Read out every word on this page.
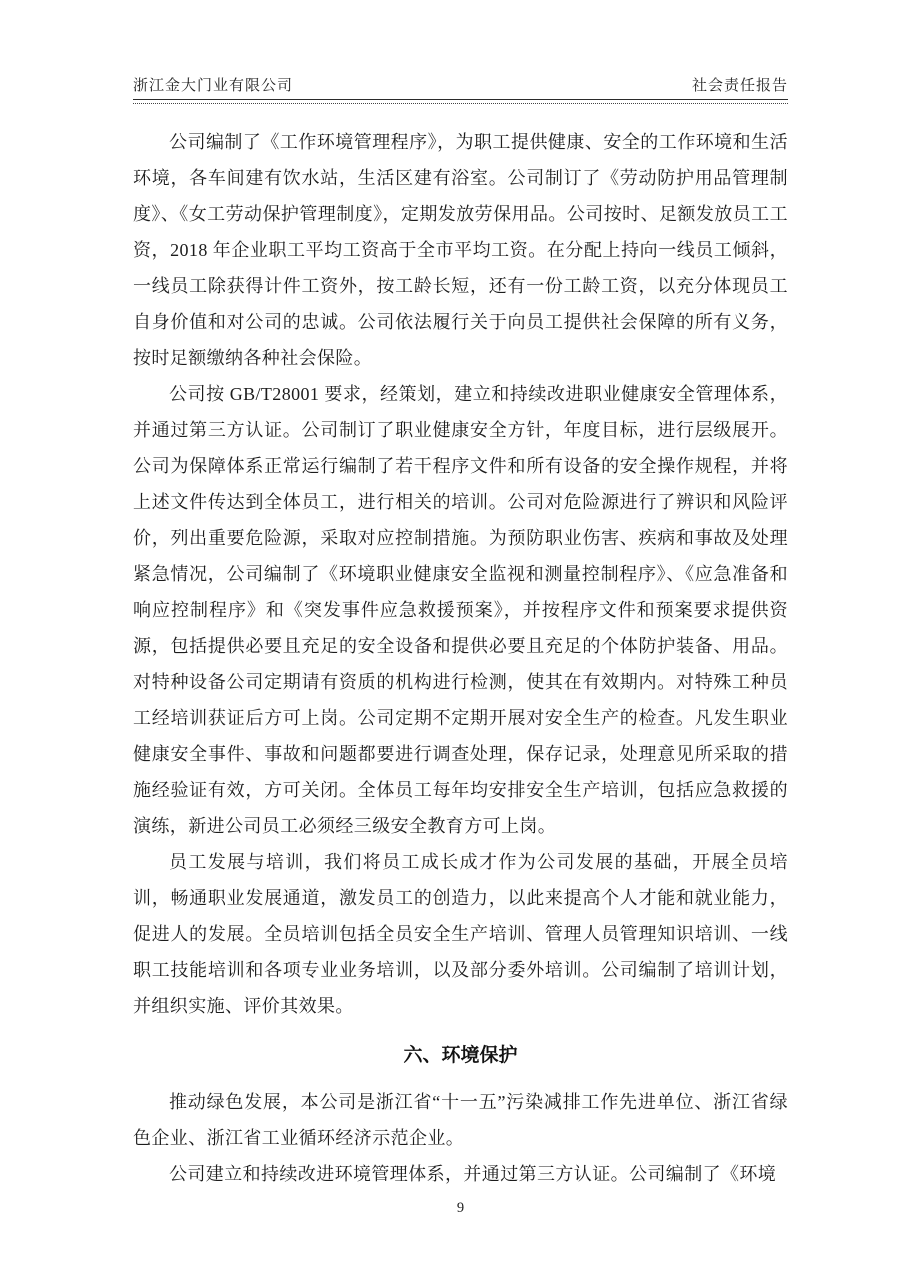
浙江金大门业有限公司	社会责任报告

公司编制了《工作环境管理程序》，为职工提供健康、安全的工作环境和生活环境，各车间建有饮水站，生活区建有浴室。公司制订了《劳动防护用品管理制度》、《女工劳动保护管理制度》，定期发放劳保用品。公司按时、足额发放员工工资，2018 年企业职工平均工资高于全市平均工资。在分配上持向一线员工倾斜，一线员工除获得计件工资外，按工龄长短，还有一份工龄工资，以充分体现员工自身价值和对公司的忠诚。公司依法履行关于向员工提供社会保障的所有义务，按时足额缴纳各种社会保险。

公司按 GB/T28001 要求，经策划，建立和持续改进职业健康安全管理体系，并通过第三方认证。公司制订了职业健康安全方针，年度目标，进行层级展开。公司为保障体系正常运行编制了若干程序文件和所有设备的安全操作规程，并将上述文件传达到全体员工，进行相关的培训。公司对危险源进行了辨识和风险评价，列出重要危险源，采取对应控制措施。为预防职业伤害、疾病和事故及处理紧急情况，公司编制了《环境职业健康安全监视和测量控制程序》、《应急准备和响应控制程序》和《突发事件应急救援预案》，并按程序文件和预案要求提供资源，包括提供必要且充足的安全设备和提供必要且充足的个体防护装备、用品。对特种设备公司定期请有资质的机构进行检测，使其在有效期内。对特殊工种员工经培训获证后方可上岗。公司定期不定期开展对安全生产的检查。凡发生职业健康安全事件、事故和问题都要进行调查处理，保存记录，处理意见所采取的措施经验证有效，方可关闭。全体员工每年均安排安全生产培训，包括应急救援的演练，新进公司员工必须经三级安全教育方可上岗。

员工发展与培训，我们将员工成长成才作为公司发展的基础，开展全员培训，畅通职业发展通道，激发员工的创造力，以此来提高个人才能和就业能力，促进人的发展。全员培训包括全员安全生产培训、管理人员管理知识培训、一线职工技能培训和各项专业业务培训，以及部分委外培训。公司编制了培训计划，并组织实施、评价其效果。

六、环境保护

推动绿色发展，本公司是浙江省“十一五”污染减排工作先进单位、浙江省绿色企业、浙江省工业循环经济示范企业。

公司建立和持续改进环境管理体系，并通过第三方认证。公司编制了《环境

9
